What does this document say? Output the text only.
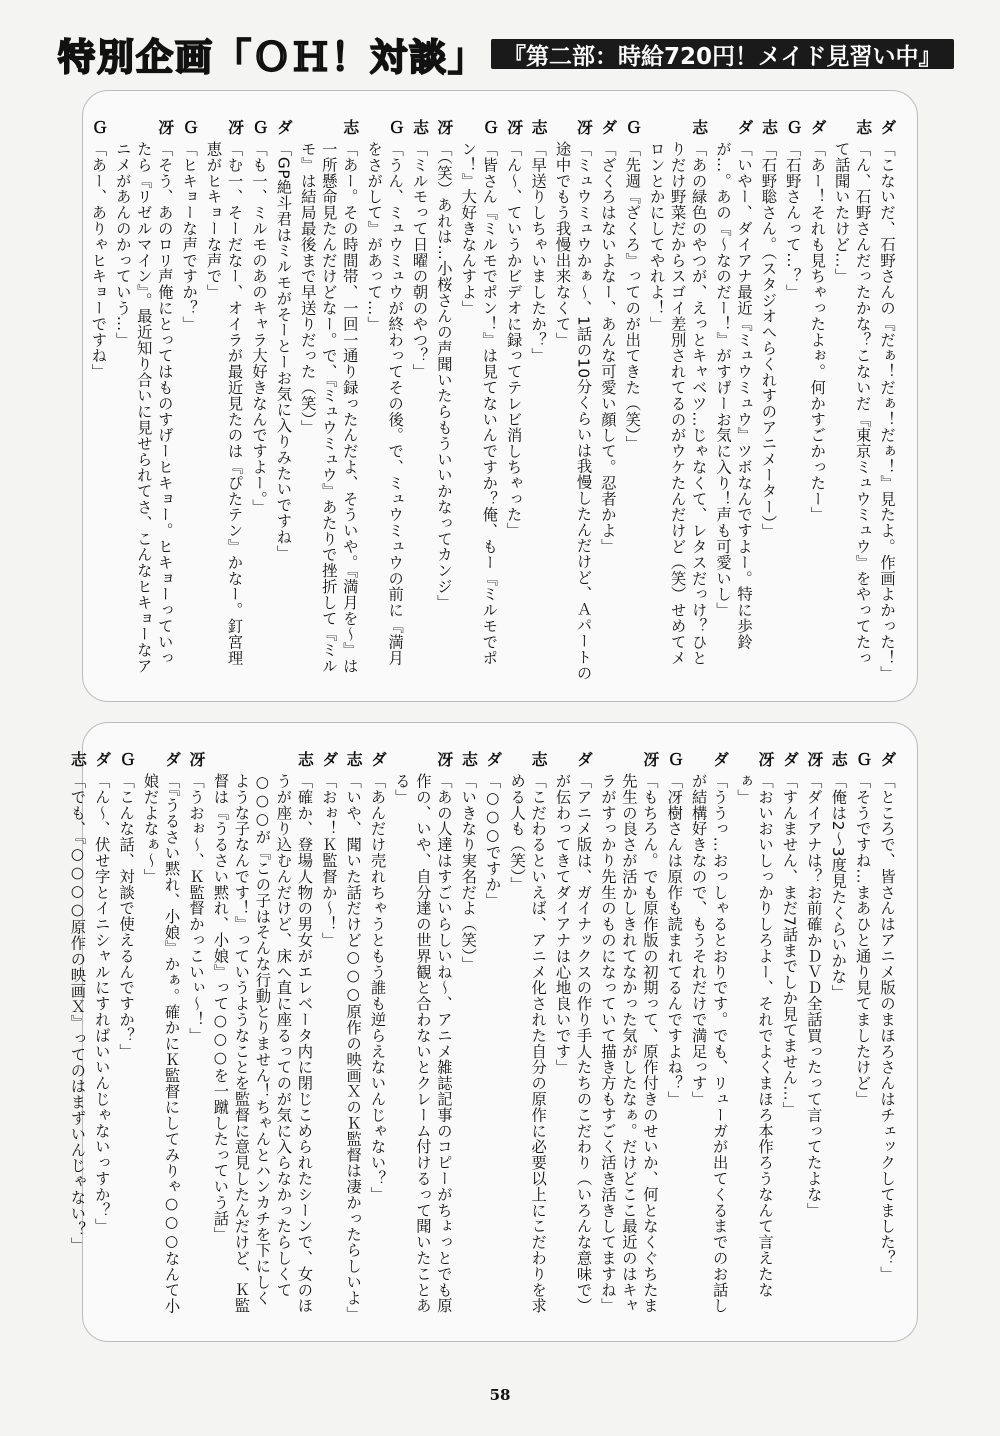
特別企画「ＯＨ！対談」 『第二部：時給720円！メイド見習い中』
ダ
「こないだ、石野さんの『だぁ！だぁ！だぁ！』見たよ。作画よかった！」
志
「ん、石野さんだったかな？こないだ『東京ミュウミュウ』をやってたって話聞いたけど…」
ダ
「あー！それも見ちゃったよぉ。何かすごかったー」
Ｇ
「石野さんって…？」
志
「石野聡さん。（スタジオへらくれすのアニメーター）」
ダ
「いやー、ダイアナ最近『ミュウミュウ』ツボなんですよー。特に歩鈴が…。あの『～なのだー！』がすげーお気に入り！声も可愛いし」
志
「あの緑色のやつが、えっとキャベツ…じゃなくて、レタスだっけ？ひとりだけ野菜だからスゴイ差別されてるのがウケたんだけど（笑）せめてメロンとかにしてやれよ！」
Ｇ
「先週『ざくろ』ってのが出てきた（笑）」
ダ
「ざくろはないよなー、あんな可愛い顔して。忍者かよ」
冴
「ミュウミュウかぁ～、1話の10分くらいは我慢したんだけど、Ａパートの途中でもう我慢出来なくて」
志
「早送りしちゃいましたか？」
冴
「ん～、ていうかビデオに録ってテレビ消しちゃった」
Ｇ
「皆さん『ミルモでポン！』は見てないんですか？俺、もー『ミルモでポン！』大好きなんすよ」
冴
「（笑）あれは…小桜さんの声聞いたらもういいかなってカンジ」
志
「ミルモって日曜の朝のやつ？」
Ｇ
「うん、ミュウミュウが終わってその後。で、ミュウミュウの前に『満月をさがして』があって…」
志
「あー。その時間帯、一回一通り録ったんだよ、そういや。『満月を～』は一所懸命見たんだけどなー。で、『ミュウミュウ』あたりで挫折して『ミルモ』は結局最後まで早送りだった（笑）」
ダ
「GP絶斗君はミルモがそーとーお気に入りみたいですね」
Ｇ
「も一、ミルモのあのキャラ大好きなんですよー。」
冴
「む一、そーだなー、オイラが最近見たのは『ぴたテン』かなー。釘宮理恵がヒキョーな声で」
Ｇ
「ヒキョーな声ですか？」
冴
「そう、あのロリ声俺にとってはものすげーヒキョー。ヒキョーっていったら『リゼルマイン』。最近知り合いに見せられてさ、こんなヒキョーなアニメがあんのかっていう…」
Ｇ
「あー、ありゃヒキョーですね」
ダ
「ところで、皆さんはアニメ版のまほろさんはチェックしてました？」
Ｇ
「そうですね…まあひと通り見てましたけど」
志
「俺は2～3度見たくらいかな」
冴
「ダイアナは？お前確かＤＶＤ全話買ったって言ってたよな」
ダ
「すんません、まだ7話までしか見てません…」
冴
「おいおいしっかりしろよー、それでよくまほろ本作ろうなんて言えたなぁ」
ダ
「ううっ…おっしゃるとおりです。でも、リューガが出てくるまでのお話しが結構好きなので、もうそれだけで満足っす」
Ｇ
「冴樹さんは原作も読まれてるんですよね？」
冴
「もちろん。でも原作版の初期って、原作付きのせいか、何となくぐちたま先生の良さが活かしきれてなかった気がしたなぁ。だけどここ最近のはキャラがすっかり先生のものになっていて描き方もすごく活き活きしてますね」
ダ
「アニメ版は、ガイナックスの作り手人たちのこだわり（いろんな意味で）が伝わってきてダイアナは心地良いです」
志
「こだわるといえば、アニメ化された自分の原作に必要以上にこだわりを求める人も（笑）」
ダ
「○○○ですか」
志
「いきなり実名だよ（笑）」
冴
「あの人達はすごいらしいね～、アニメ雑誌記事のコピーがちょっとでも原作の、いや、自分達の世界観と合わないとクレーム付けるって聞いたことある」
ダ
「あんだけ売れちゃうともう誰も逆らえないんじゃない？」
志
「いや、聞いた話だけど○○○原作の映画ＸのＫ監督は凄かったらしいよ」
ダ
「おぉ！Ｋ監督か～！」
志
「確か、登場人物の男女がエレベータ内に閉じこめられたシーンで、女のほうが座り込むんだけど、床へ直に座るってのが気に入らなかったらしくて○○○が『この子はそんな行動とりません！ちゃんとハンカチを下にしくような子なんです！』っていうようなことを監督に意見したんだけど、Ｋ監督は『うるさい黙れ、小娘』って○○○を一蹴したっていう話」
冴
「うおぉ～、Ｋ監督かっこいぃ～！」
ダ
「『うるさい黙れ、小娘』かぁ。確かにＫ監督にしてみりゃ○○○なんて小娘だよなぁ～」
Ｇ
「こんな話、対談で使えるんですか？」
ダ
「ん～、伏せ字とイニシャルにすればいいんじゃないっすか？」
志
「でも、『○○○○原作の映画Ｘ』ってのはまずいんじゃない？」
58
